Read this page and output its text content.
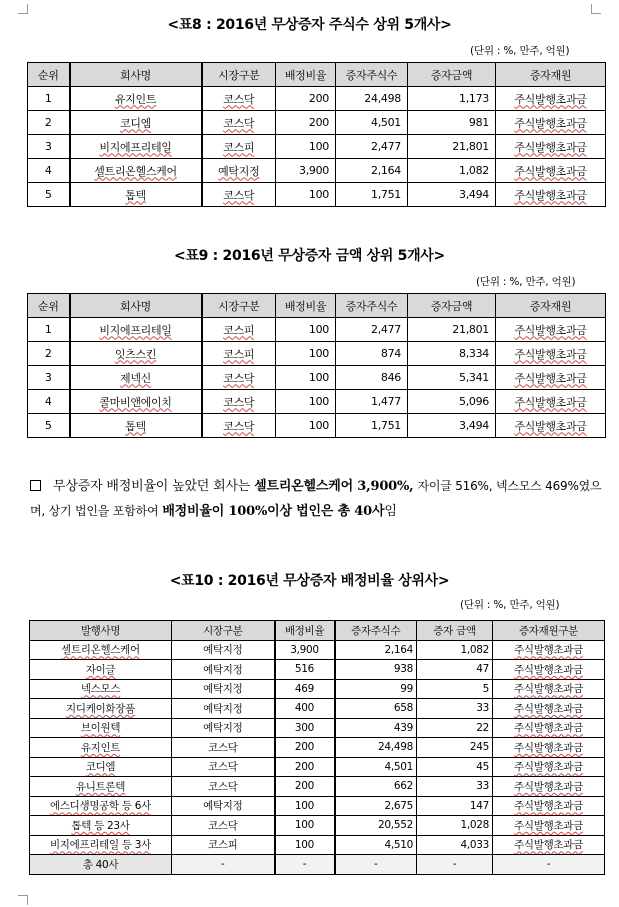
<표8 : 2016년 무상증자 주식수 상위 5개사>
(단위 : %, 만주, 억원)
순위	회사명	시장구분	배정비율	증자주식수	증자금액	증자재원
1	유지인트	코스닥	200	24,498	1,173	주식발행초과금
2	코디엠	코스닥	200	4,501	981	주식발행초과금
3	비지에프리테일	코스피	100	2,477	21,801	주식발행초과금
4	셀트리온헬스케어	예탁지정	3,900	2,164	1,082	주식발행초과금
5	톱텍	코스닥	100	1,751	3,494	주식발행초과금
<표9 : 2016년 무상증자 금액 상위 5개사>
(단위 : %, 만주, 억원)
순위	회사명	시장구분	배정비율	증자주식수	증자금액	증자재원
1	비지에프리테일	코스피	100	2,477	21,801	주식발행초과금
2	잇츠스킨	코스피	100	874	8,334	주식발행초과금
3	제넥신	코스닥	100	846	5,341	주식발행초과금
4	콜마비앤에이치	코스닥	100	1,477	5,096	주식발행초과금
5	톱텍	코스닥	100	1,751	3,494	주식발행초과금
무상증자 배정비율이 높았던 회사는 셀트리온헬스케어 3,900%, 자이글 516%, 넥스모스 469%였으며, 상기 법인을 포함하여 배정비율이 100%이상 법인은 총 40사임
<표10 : 2016년 무상증자 배정비율 상위사>
(단위 : %, 만주, 억원)
발행사명	시장구분	배정비율	증자주식수	증자 금액	증자재원구분
셀트리온헬스케어	예탁지정	3,900	2,164	1,082	주식발행초과금
자이글	예탁지정	516	938	47	주식발행초과금
넥스모스	예탁지정	469	99	5	주식발행초과금
지디케이화장품	예탁지정	400	658	33	주식발행초과금
브이원텍	예탁지정	300	439	22	주식발행초과금
유지인트	코스닥	200	24,498	245	주식발행초과금
코디엠	코스닥	200	4,501	45	주식발행초과금
유니트론텍	코스닥	200	662	33	주식발행초과금
에스디생명공학 등 6사	예탁지정	100	2,675	147	주식발행초과금
톱텍 등 23사	코스닥	100	20,552	1,028	주식발행초과금
비지에프리테일 등 3사	코스피	100	4,510	4,033	주식발행초과금
총 40사	-	-	-	-	-
